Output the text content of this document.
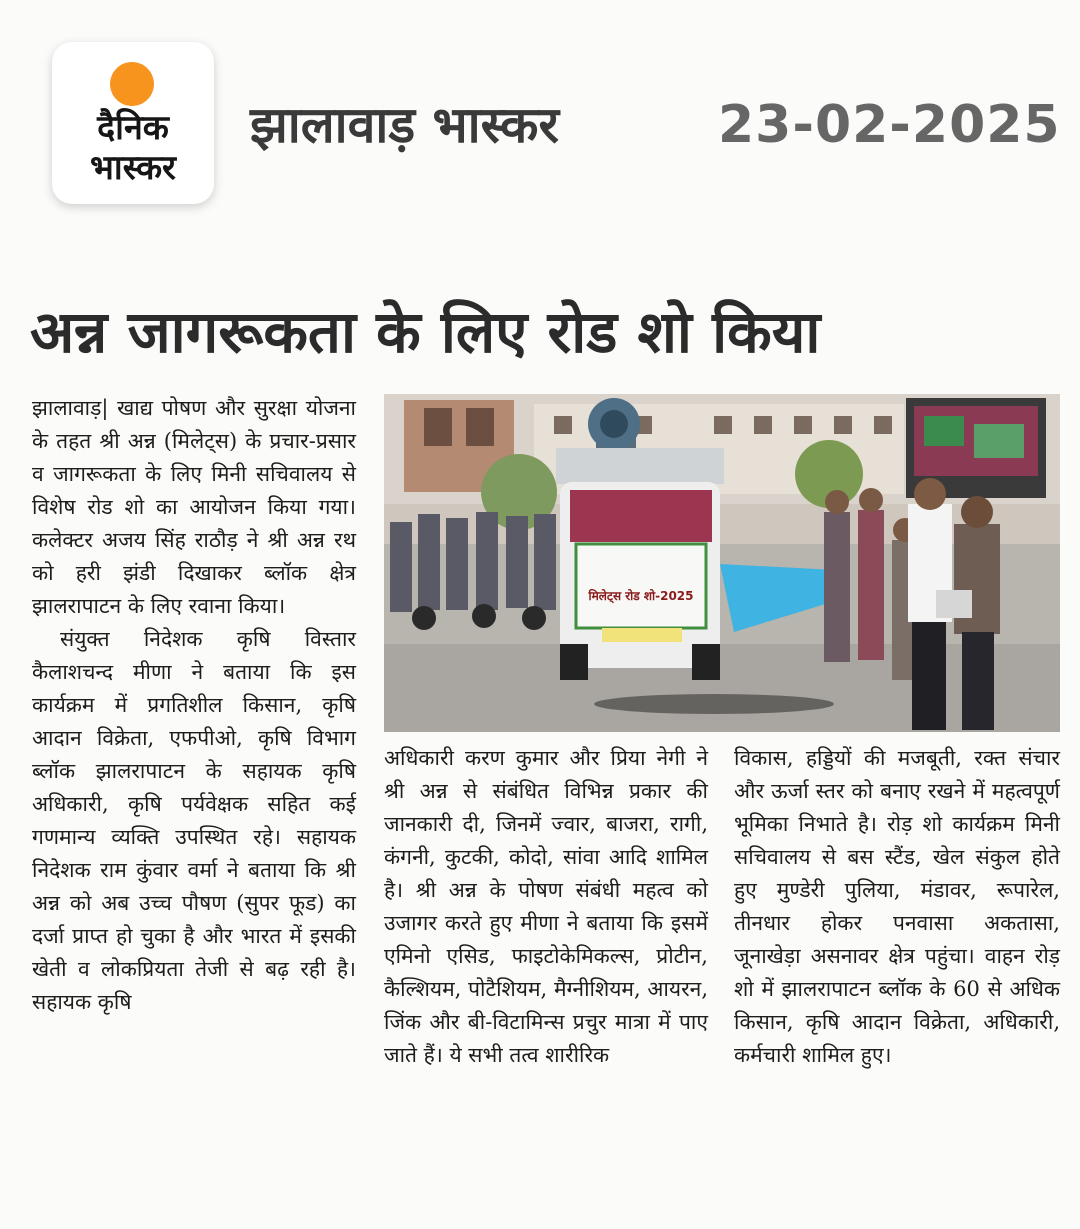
दैनिक
भास्कर
झालावाड़ भास्कर	23-02-2025
अन्न जागरूकता के लिए रोड शो किया

झालावाड़| खाद्य पोषण और सुरक्षा योजना के तहत श्री अन्न (मिलेट्स) के प्रचार-प्रसार व जागरूकता के लिए मिनी सचिवालय से विशेष रोड शो का आयोजन किया गया। कलेक्टर अजय सिंह राठौड़ ने श्री अन्न रथ को हरी झंडी दिखाकर ब्लॉक क्षेत्र झालरापाटन के लिए रवाना किया।

संयुक्त निदेशक कृषि विस्तार कैलाशचन्द मीणा ने बताया कि इस कार्यक्रम में प्रगतिशील किसान, कृषि आदान विक्रेता, एफपीओ, कृषि विभाग ब्लॉक झालरापाटन के सहायक कृषि अधिकारी, कृषि पर्यवेक्षक सहित कई गणमान्य व्यक्ति उपस्थित रहे। सहायक निदेशक राम कुंवार वर्मा ने बताया कि श्री अन्न को अब उच्च पौषण (सुपर फूड) का दर्जा प्राप्त हो चुका है और भारत में इसकी खेती व लोकप्रियता तेजी से बढ़ रही है। सहायक कृषि

मिलेट्स रोड शो-2025

अधिकारी करण कुमार और प्रिया नेगी ने श्री अन्न से संबंधित विभिन्न प्रकार की जानकारी दी, जिनमें ज्वार, बाजरा, रागी, कंगनी, कुटकी, कोदो, सांवा आदि शामिल है। श्री अन्न के पोषण संबंधी महत्व को उजागर करते हुए मीणा ने बताया कि इसमें एमिनो एसिड, फाइटोकेमिकल्स, प्रोटीन, कैल्शियम, पोटैशियम, मैग्नीशियम, आयरन, जिंक और बी-विटामिन्स प्रचुर मात्रा में पाए जाते हैं। ये सभी तत्व शारीरिक

विकास, हड्डियों की मजबूती, रक्त संचार और ऊर्जा स्तर को बनाए रखने में महत्वपूर्ण भूमिका निभाते है। रोड़ शो कार्यक्रम मिनी सचिवालय से बस स्टैंड, खेल संकुल होते हुए मुण्डेरी पुलिया, मंडावर, रूपारेल, तीनधार होकर पनवासा अकतासा, जूनाखेड़ा असनावर क्षेत्र पहुंचा। वाहन रोड़ शो में झालरापाटन ब्लॉक के 60 से अधिक किसान, कृषि आदान विक्रेता, अधिकारी, कर्मचारी शामिल हुए।
